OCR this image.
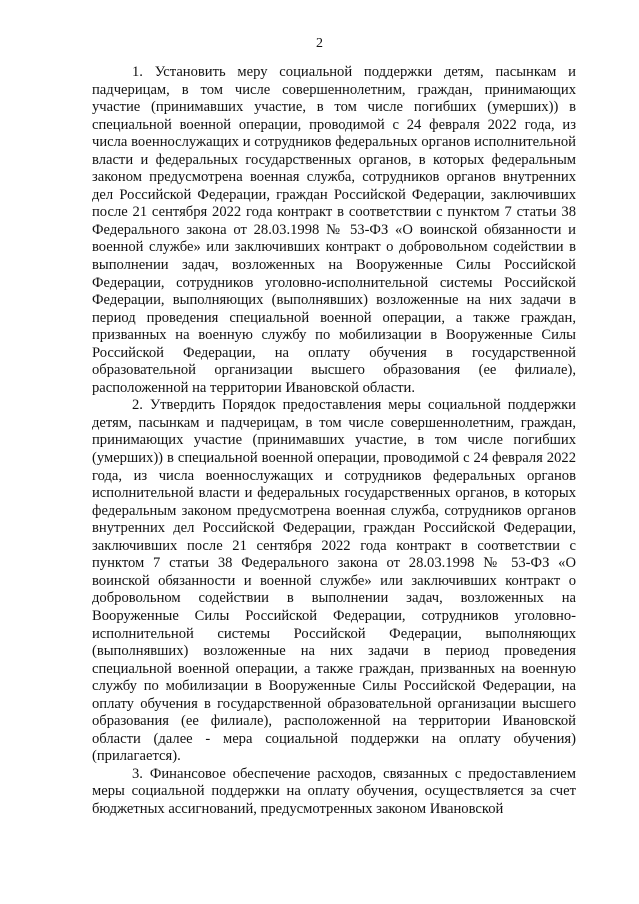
2

1. Установить меру социальной поддержки детям, пасынкам и падчерицам, в том числе совершеннолетним, граждан, принимающих участие (принимавших участие, в том числе погибших (умерших)) в специальной военной операции, проводимой с 24 февраля 2022 года, из числа военнослужащих и сотрудников федеральных органов исполнительной власти и федеральных государственных органов, в которых федеральным законом предусмотрена военная служба, сотрудников органов внутренних дел Российской Федерации, граждан Российской Федерации, заключивших после 21 сентября 2022 года контракт в соответствии с пунктом 7 статьи 38 Федерального закона от 28.03.1998 № 53-ФЗ «О воинской обязанности и военной службе» или заключивших контракт о добровольном содействии в выполнении задач, возложенных на Вооруженные Силы Российской Федерации, сотрудников уголовно-исполнительной системы Российской Федерации, выполняющих (выполнявших) возложенные на них задачи в период проведения специальной военной операции, а также граждан, призванных на военную службу по мобилизации в Вооруженные Силы Российской Федерации, на оплату обучения в государственной образовательной организации высшего образования (ее филиале), расположенной на территории Ивановской области.

2. Утвердить Порядок предоставления меры социальной поддержки детям, пасынкам и падчерицам, в том числе совершеннолетним, граждан, принимающих участие (принимавших участие, в том числе погибших (умерших)) в специальной военной операции, проводимой с 24 февраля 2022 года, из числа военнослужащих и сотрудников федеральных органов исполнительной власти и федеральных государственных органов, в которых федеральным законом предусмотрена военная служба, сотрудников органов внутренних дел Российской Федерации, граждан Российской Федерации, заключивших после 21 сентября 2022 года контракт в соответствии с пунктом 7 статьи 38 Федерального закона от 28.03.1998 № 53-ФЗ «О воинской обязанности и военной службе» или заключивших контракт о добровольном содействии в выполнении задач, возложенных на Вооруженные Силы Российской Федерации, сотрудников уголовно-исполнительной системы Российской Федерации, выполняющих (выполнявших) возложенные на них задачи в период проведения специальной военной операции, а также граждан, призванных на военную службу по мобилизации в Вооруженные Силы Российской Федерации, на оплату обучения в государственной образовательной организации высшего образования (ее филиале), расположенной на территории Ивановской области (далее - мера социальной поддержки на оплату обучения) (прилагается).

3. Финансовое обеспечение расходов, связанных с предоставлением меры социальной поддержки на оплату обучения, осуществляется за счет бюджетных ассигнований, предусмотренных законом Ивановской
